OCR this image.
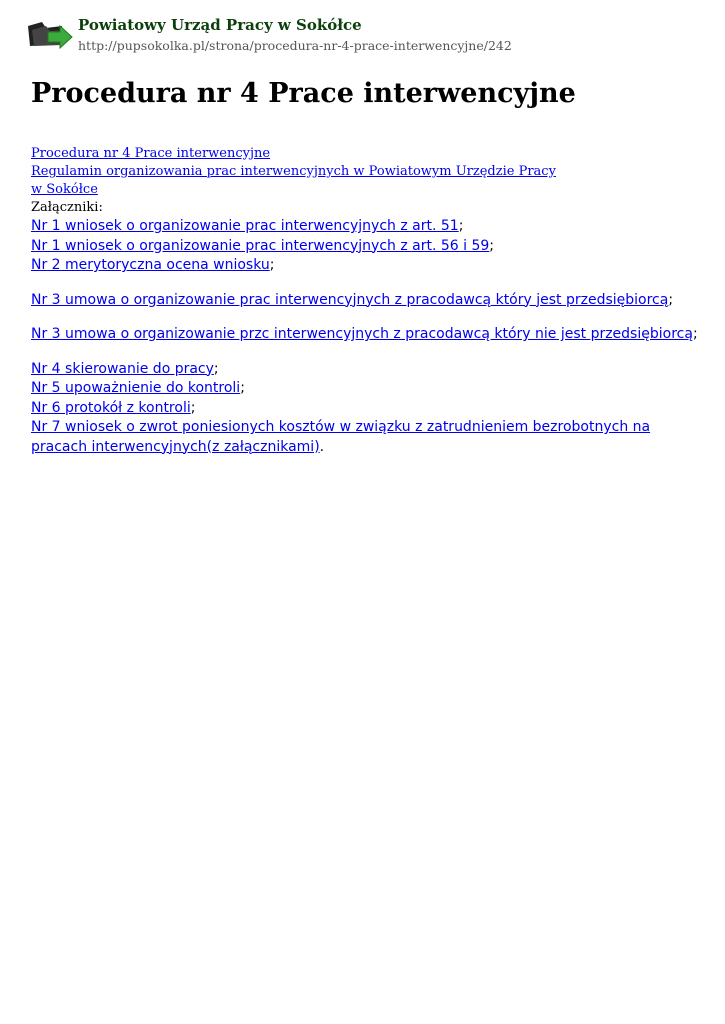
Powiatowy Urząd Pracy w Sokółce
http://pupsokolka.pl/strona/procedura-nr-4-prace-interwencyjne/242
Procedura nr 4 Prace interwencyjne
Procedura nr 4 Prace interwencyjne
Regulamin organizowania prac interwencyjnych w Powiatowym Urzędzie Pracy
w Sokółce
Załączniki:
Nr 1 wniosek o organizowanie prac interwencyjnych z art. 51;
Nr 1 wniosek o organizowanie prac interwencyjnych z art. 56 i 59;
Nr 2 merytoryczna ocena wniosku;
Nr 3 umowa o organizowanie prac interwencyjnych z pracodawcą który jest przedsiębiorcą;
Nr 3 umowa o organizowanie przc interwencyjnych z pracodawcą który nie jest przedsiębiorcą;
Nr 4 skierowanie do pracy;
Nr 5 upoważnienie do kontroli;
Nr 6 protokół z kontroli;
Nr 7 wniosek o zwrot poniesionych kosztów w związku z zatrudnieniem bezrobotnych na pracach interwencyjnych(z załącznikami).
